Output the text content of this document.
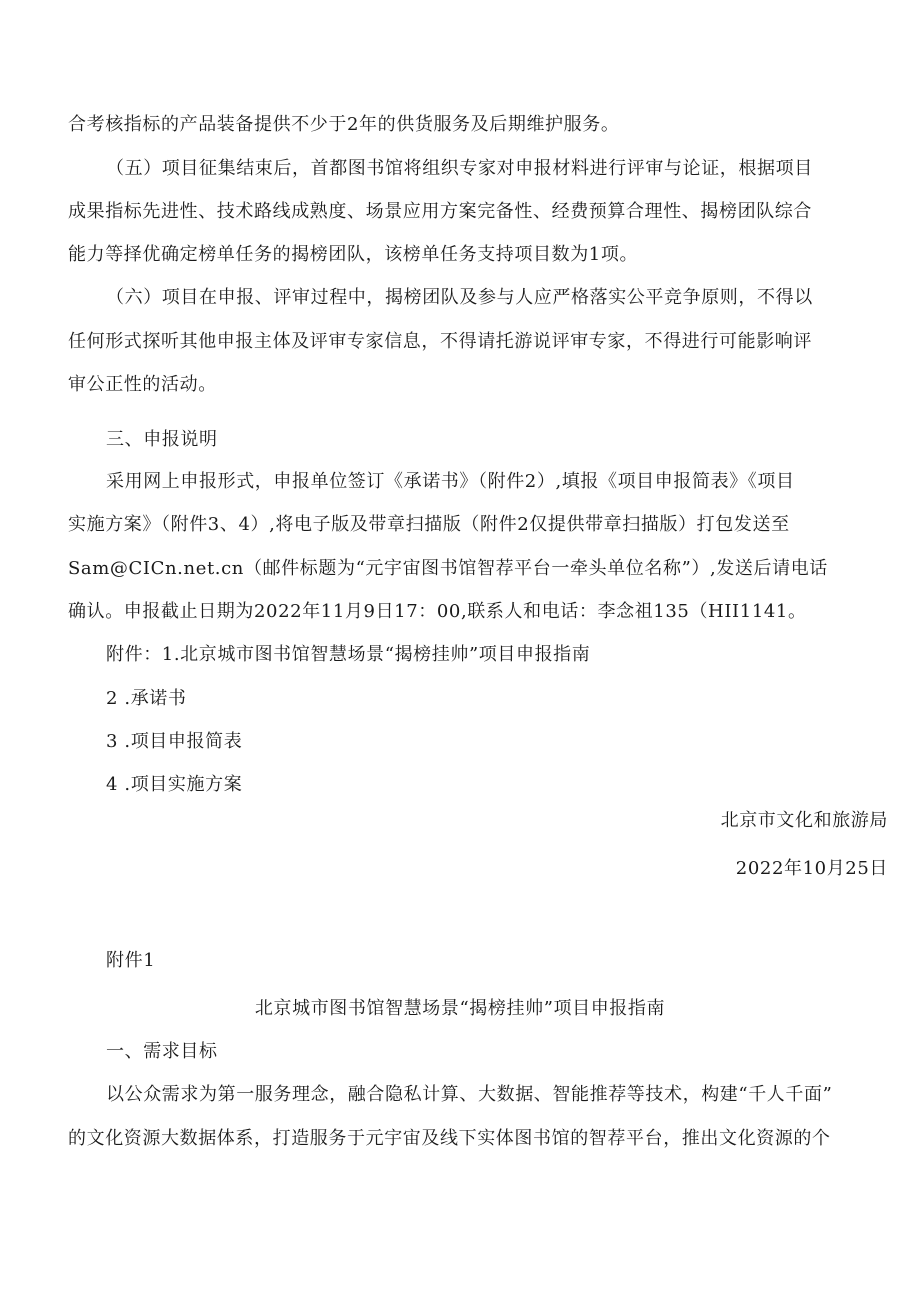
合考核指标的产品装备提供不少于2年的供货服务及后期维护服务。
（五）项目征集结束后，首都图书馆将组织专家对申报材料进行评审与论证，根据项目
成果指标先进性、技术路线成熟度、场景应用方案完备性、经费预算合理性、揭榜团队综合
能力等择优确定榜单任务的揭榜团队，该榜单任务支持项目数为1项。
（六）项目在申报、评审过程中，揭榜团队及参与人应严格落实公平竞争原则，不得以
任何形式探听其他申报主体及评审专家信息，不得请托游说评审专家，不得进行可能影响评
审公正性的活动。
三、申报说明
采用网上申报形式，申报单位签订《承诺书》（附件2）,填报《项目申报简表》《项目
实施方案》（附件3、4）,将电子版及带章扫描版（附件2仅提供带章扫描版）打包发送至
Sam@CICn.net.cn（邮件标题为“元宇宙图书馆智荐平台一牵头单位名称”）,发送后请电话
确认。申报截止日期为2022年11月9日17：00,联系人和电话：李念祖135（HII1141。
附件：1.北京城市图书馆智慧场景“揭榜挂帅”项目申报指南
2 .承诺书
3 .项目申报简表
4 .项目实施方案
北京市文化和旅游局
2022年10月25日
附件1
北京城市图书馆智慧场景“揭榜挂帅”项目申报指南
一、需求目标
以公众需求为第一服务理念，融合隐私计算、大数据、智能推荐等技术，构建“千人千面”
的文化资源大数据体系，打造服务于元宇宙及线下实体图书馆的智荐平台，推出文化资源的个
